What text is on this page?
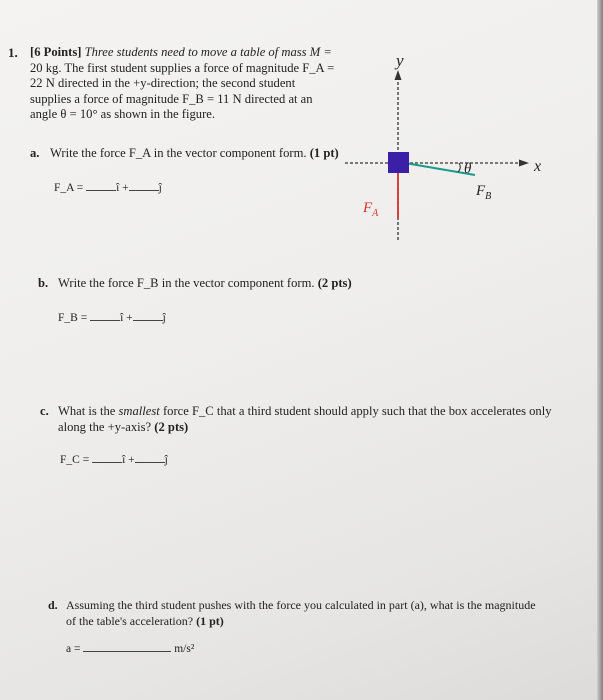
1. [6 Points] Three students need to move a table of mass M =
20 kg. The first student supplies a force of magnitude F_A =
22 N directed in the +y-direction; the second student
supplies a force of magnitude F_B = 11 N directed at an
angle θ = 10° as shown in the figure.
y
x
θ
$F_B$
$F_A$
a. Write the force F_A in the vector component form. (1 pt)
F_A =	î +	ĵ
b. Write the force F_B in the vector component form. (2 pts)
F_B =	î +	ĵ
c. What is the smallest force F_C that a third student should apply such that the box accelerates only
along the +y-axis? (2 pts)
F_C =	î +	ĵ
d. Assuming the third student pushes with the force you calculated in part (a), what is the magnitude
of the table's acceleration? (1 pt)
a =	m/s²
